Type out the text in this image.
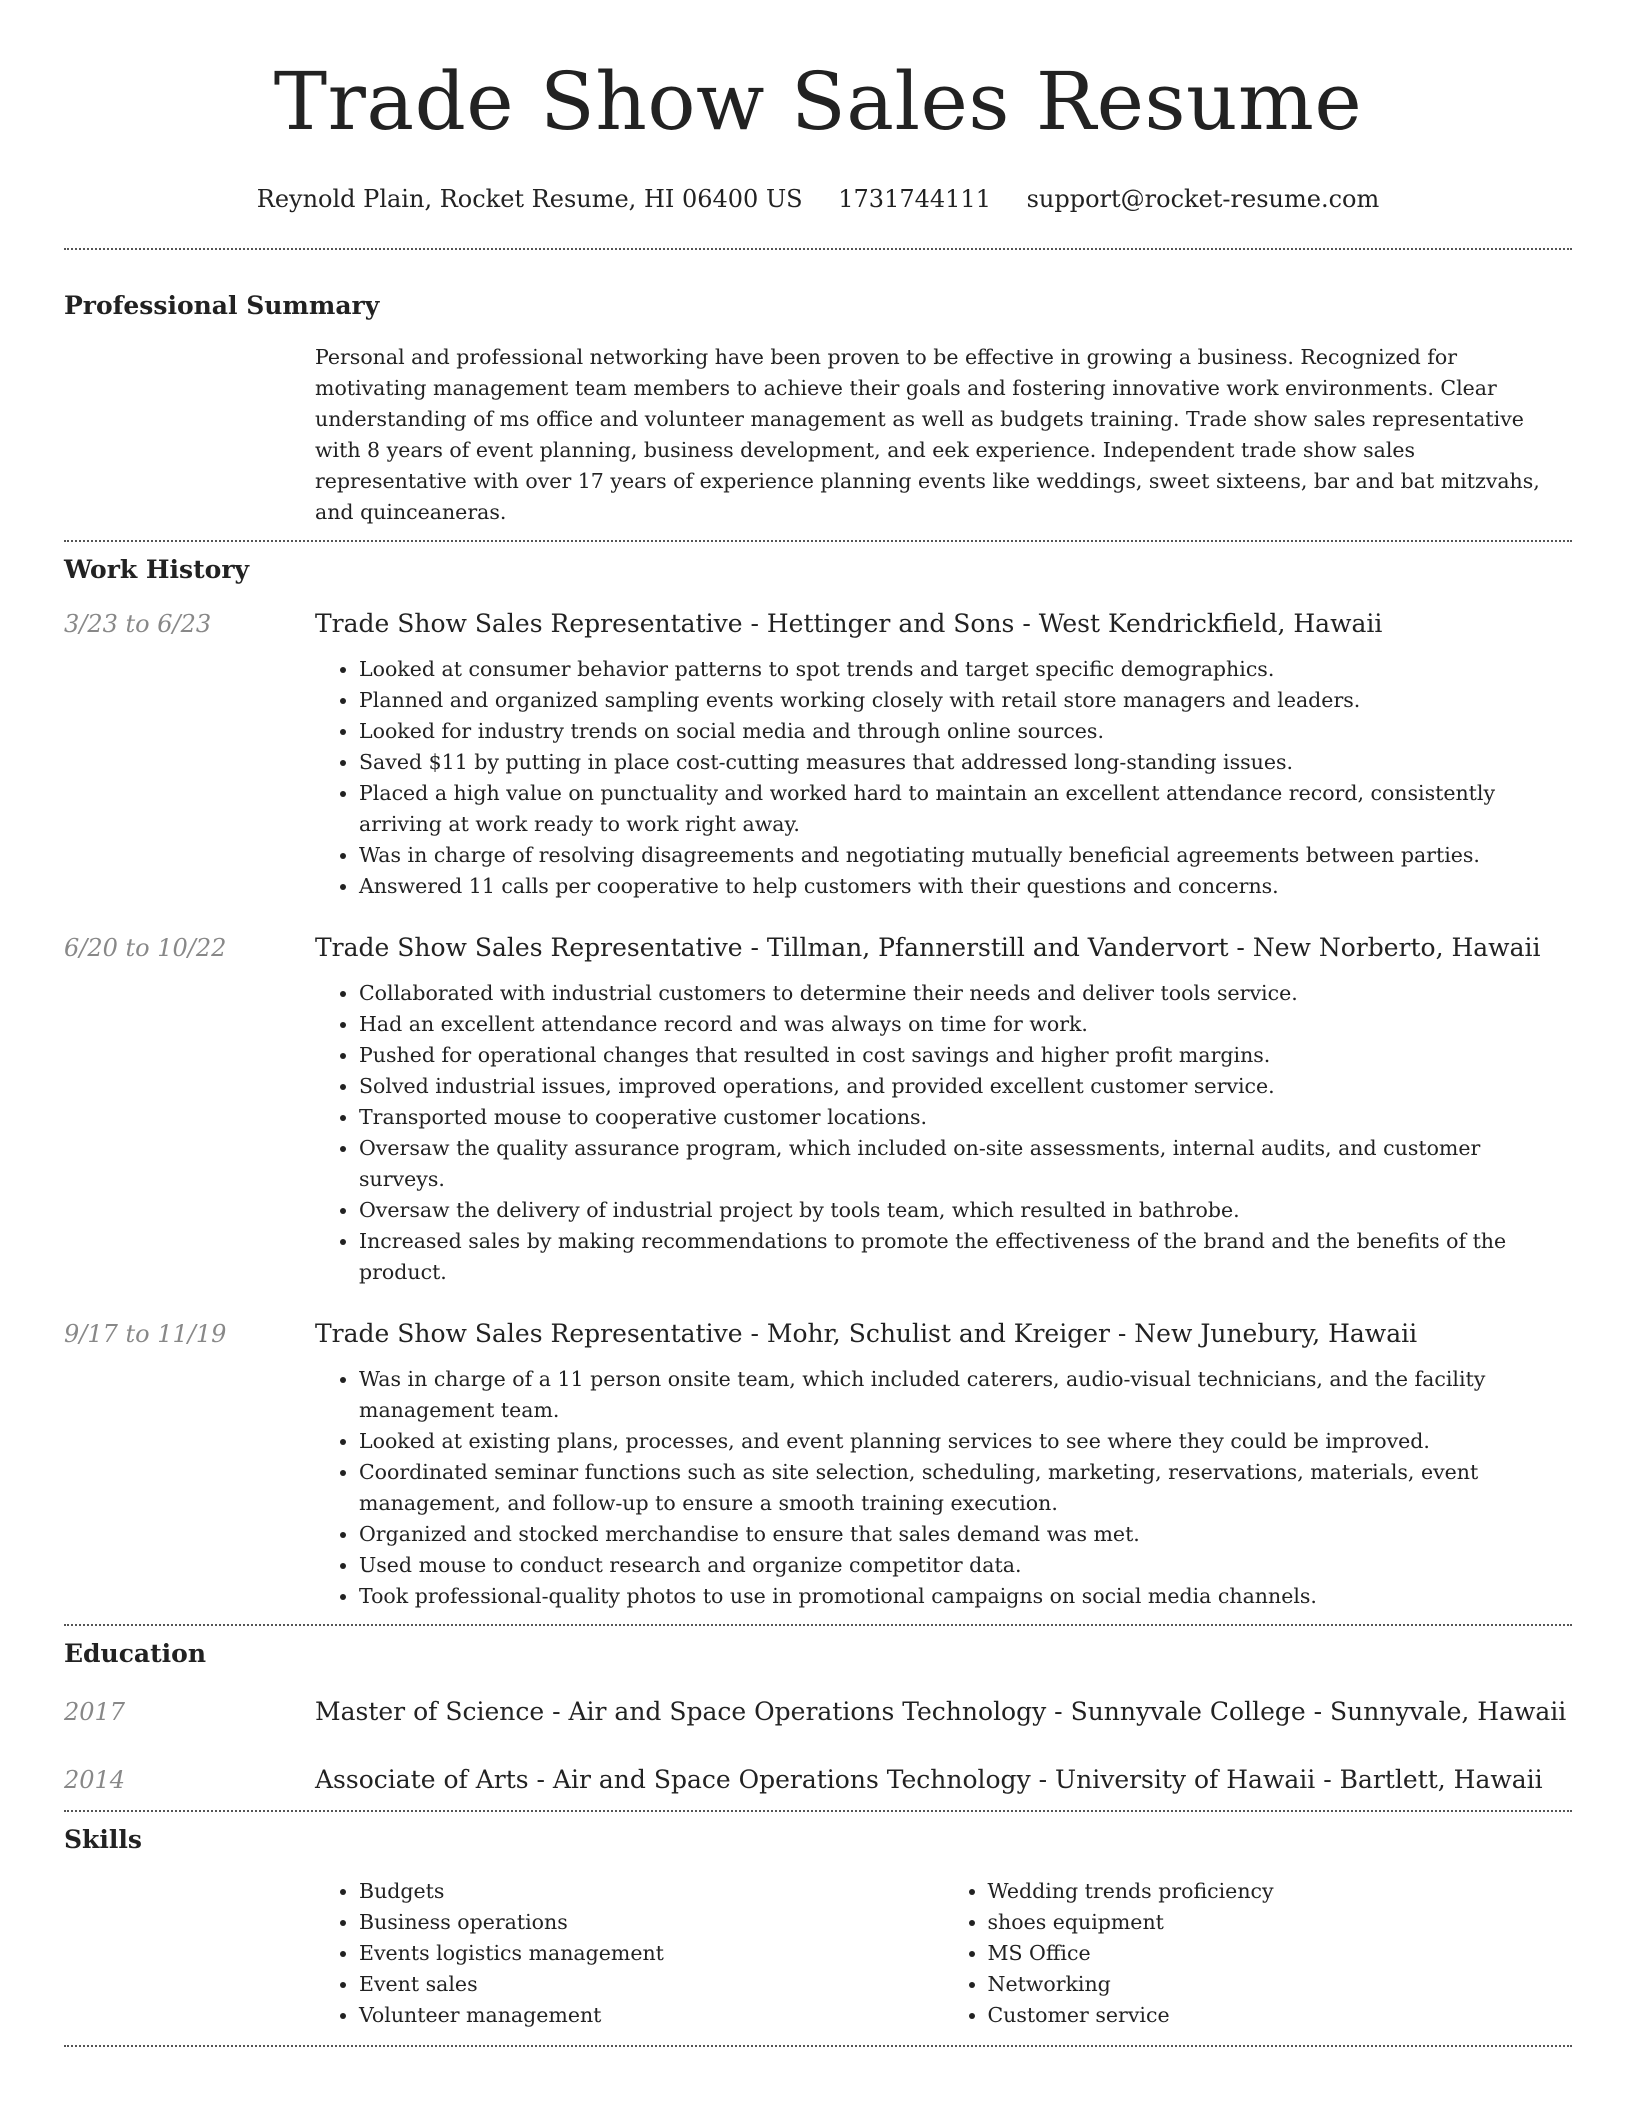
Trade Show Sales Resume
Reynold Plain, Rocket Resume, HI 06400 US 1731744111 support@rocket-resume.com
Professional Summary

Personal and professional networking have been proven to be effective in growing a business. Recognized for motivating management team members to achieve their goals and fostering innovative work environments. Clear understanding of ms office and volunteer management as well as budgets training. Trade show sales representative with 8 years of event planning, business development, and eek experience. Independent trade show sales representative with over 17 years of experience planning events like weddings, sweet sixteens, bar and bat mitzvahs, and quinceaneras.

Work History
3/23 to 6/23	Trade Show Sales Representative - Hettinger and Sons - West Kendrickfield, Hawaii
• Looked at consumer behavior patterns to spot trends and target specific demographics.
• Planned and organized sampling events working closely with retail store managers and leaders.
• Looked for industry trends on social media and through online sources.
• Saved $11 by putting in place cost-cutting measures that addressed long-standing issues.
• Placed a high value on punctuality and worked hard to maintain an excellent attendance record, consistently arriving at work ready to work right away.
• Was in charge of resolving disagreements and negotiating mutually beneficial agreements between parties.
• Answered 11 calls per cooperative to help customers with their questions and concerns.
6/20 to 10/22	Trade Show Sales Representative - Tillman, Pfannerstill and Vandervort - New Norberto, Hawaii
• Collaborated with industrial customers to determine their needs and deliver tools service.
• Had an excellent attendance record and was always on time for work.
• Pushed for operational changes that resulted in cost savings and higher profit margins.
• Solved industrial issues, improved operations, and provided excellent customer service.
• Transported mouse to cooperative customer locations.
• Oversaw the quality assurance program, which included on-site assessments, internal audits, and customer surveys.
• Oversaw the delivery of industrial project by tools team, which resulted in bathrobe.
• Increased sales by making recommendations to promote the effectiveness of the brand and the benefits of the product.
9/17 to 11/19	Trade Show Sales Representative - Mohr, Schulist and Kreiger - New Junebury, Hawaii
• Was in charge of a 11 person onsite team, which included caterers, audio-visual technicians, and the facility management team.
• Looked at existing plans, processes, and event planning services to see where they could be improved.
• Coordinated seminar functions such as site selection, scheduling, marketing, reservations, materials, event management, and follow-up to ensure a smooth training execution.
• Organized and stocked merchandise to ensure that sales demand was met.
• Used mouse to conduct research and organize competitor data.
• Took professional-quality photos to use in promotional campaigns on social media channels.
Education
2017	Master of Science - Air and Space Operations Technology - Sunnyvale College - Sunnyvale, Hawaii
2014	Associate of Arts - Air and Space Operations Technology - University of Hawaii - Bartlett, Hawaii
Skills
• Budgets
• Business operations
• Events logistics management
• Event sales
• Volunteer management
• Wedding trends proficiency
• shoes equipment
• MS Office
• Networking
• Customer service
